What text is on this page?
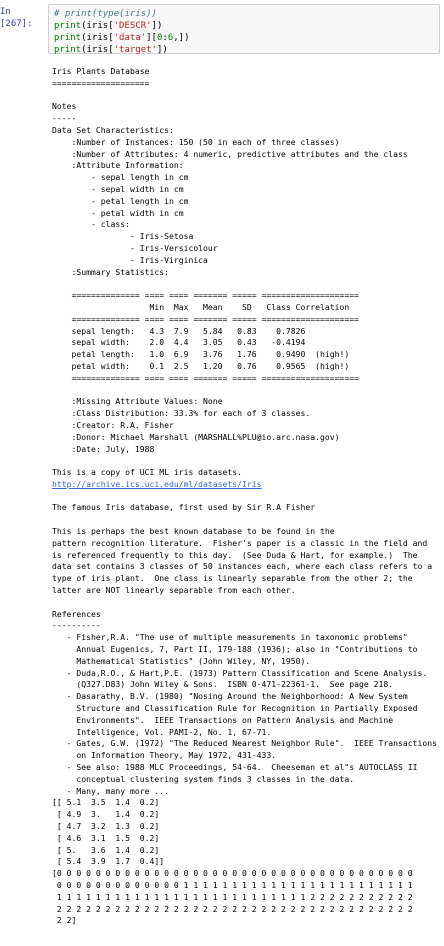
In [267]:
# print(type(iris))
print(iris['DESCR'])
print(iris['data'][0:6,])
print(iris['target'])
Iris Plants Database
====================

Notes
-----
Data Set Characteristics:
:Number of Instances: 150 (50 in each of three classes)
:Number of Attributes: 4 numeric, predictive attributes and the class
:Attribute Information:
- sepal length in cm
- sepal width in cm
- petal length in cm
- petal width in cm
- class:
- Iris-Setosa
- Iris-Versicolour
- Iris-Virginica
:Summary Statistics:

============== ==== ==== ======= ===== ====================
Min  Max   Mean    SD   Class Correlation
============== ==== ==== ======= ===== ====================
sepal length:   4.3  7.9   5.84   0.83    0.7826
sepal width:    2.0  4.4   3.05   0.43   -0.4194
petal length:   1.0  6.9   3.76   1.76    0.9490  (high!)
petal width:    0.1  2.5   1.20   0.76    0.9565  (high!)
============== ==== ==== ======= ===== ====================

:Missing Attribute Values: None
:Class Distribution: 33.3% for each of 3 classes.
:Creator: R.A. Fisher
:Donor: Michael Marshall (MARSHALL%PLU@io.arc.nasa.gov)
:Date: July, 1988

This is a copy of UCI ML iris datasets.
http://archive.ics.uci.edu/ml/datasets/Iris

The famous Iris database, first used by Sir R.A Fisher

This is perhaps the best known database to be found in the
pattern recognition literature.  Fisher's paper is a classic in the field and
is referenced frequently to this day.  (See Duda & Hart, for example.)  The
data set contains 3 classes of 50 instances each, where each class refers to a
type of iris plant.  One class is linearly separable from the other 2; the
latter are NOT linearly separable from each other.

References
----------
- Fisher,R.A. "The use of multiple measurements in taxonomic problems"
Annual Eugenics, 7, Part II, 179-188 (1936); also in "Contributions to
Mathematical Statistics" (John Wiley, NY, 1950).
- Duda,R.O., & Hart,P.E. (1973) Pattern Classification and Scene Analysis.
(Q327.D83) John Wiley & Sons.  ISBN 0-471-22361-1.  See page 218.
- Dasarathy, B.V. (1980) "Nosing Around the Neighborhood: A New System
Structure and Classification Rule for Recognition in Partially Exposed
Environments".  IEEE Transactions on Pattern Analysis and Machine
Intelligence, Vol. PAMI-2, No. 1, 67-71.
- Gates, G.W. (1972) "The Reduced Nearest Neighbor Rule".  IEEE Transactions
on Information Theory, May 1972, 431-433.
- See also: 1988 MLC Proceedings, 54-64.  Cheeseman et al"s AUTOCLASS II
conceptual clustering system finds 3 classes in the data.
- Many, many more ...

[[ 5.1  3.5  1.4  0.2]
[ 4.9  3.   1.4  0.2]
[ 4.7  3.2  1.3  0.2]
[ 4.6  3.1  1.5  0.2]
[ 5.   3.6  1.4  0.2]
[ 5.4  3.9  1.7  0.4]]
[0 0 0 0 0 0 0 0 0 0 0 0 0 0 0 0 0 0 0 0 0 0 0 0 0 0 0 0 0 0 0 0 0 0 0 0 0
0 0 0 0 0 0 0 0 0 0 0 0 0 1 1 1 1 1 1 1 1 1 1 1 1 1 1 1 1 1 1 1 1 1 1 1 1
1 1 1 1 1 1 1 1 1 1 1 1 1 1 1 1 1 1 1 1 1 1 1 1 1 1 2 2 2 2 2 2 2 2 2 2 2
2 2 2 2 2 2 2 2 2 2 2 2 2 2 2 2 2 2 2 2 2 2 2 2 2 2 2 2 2 2 2 2 2 2 2 2 2
2 2]
